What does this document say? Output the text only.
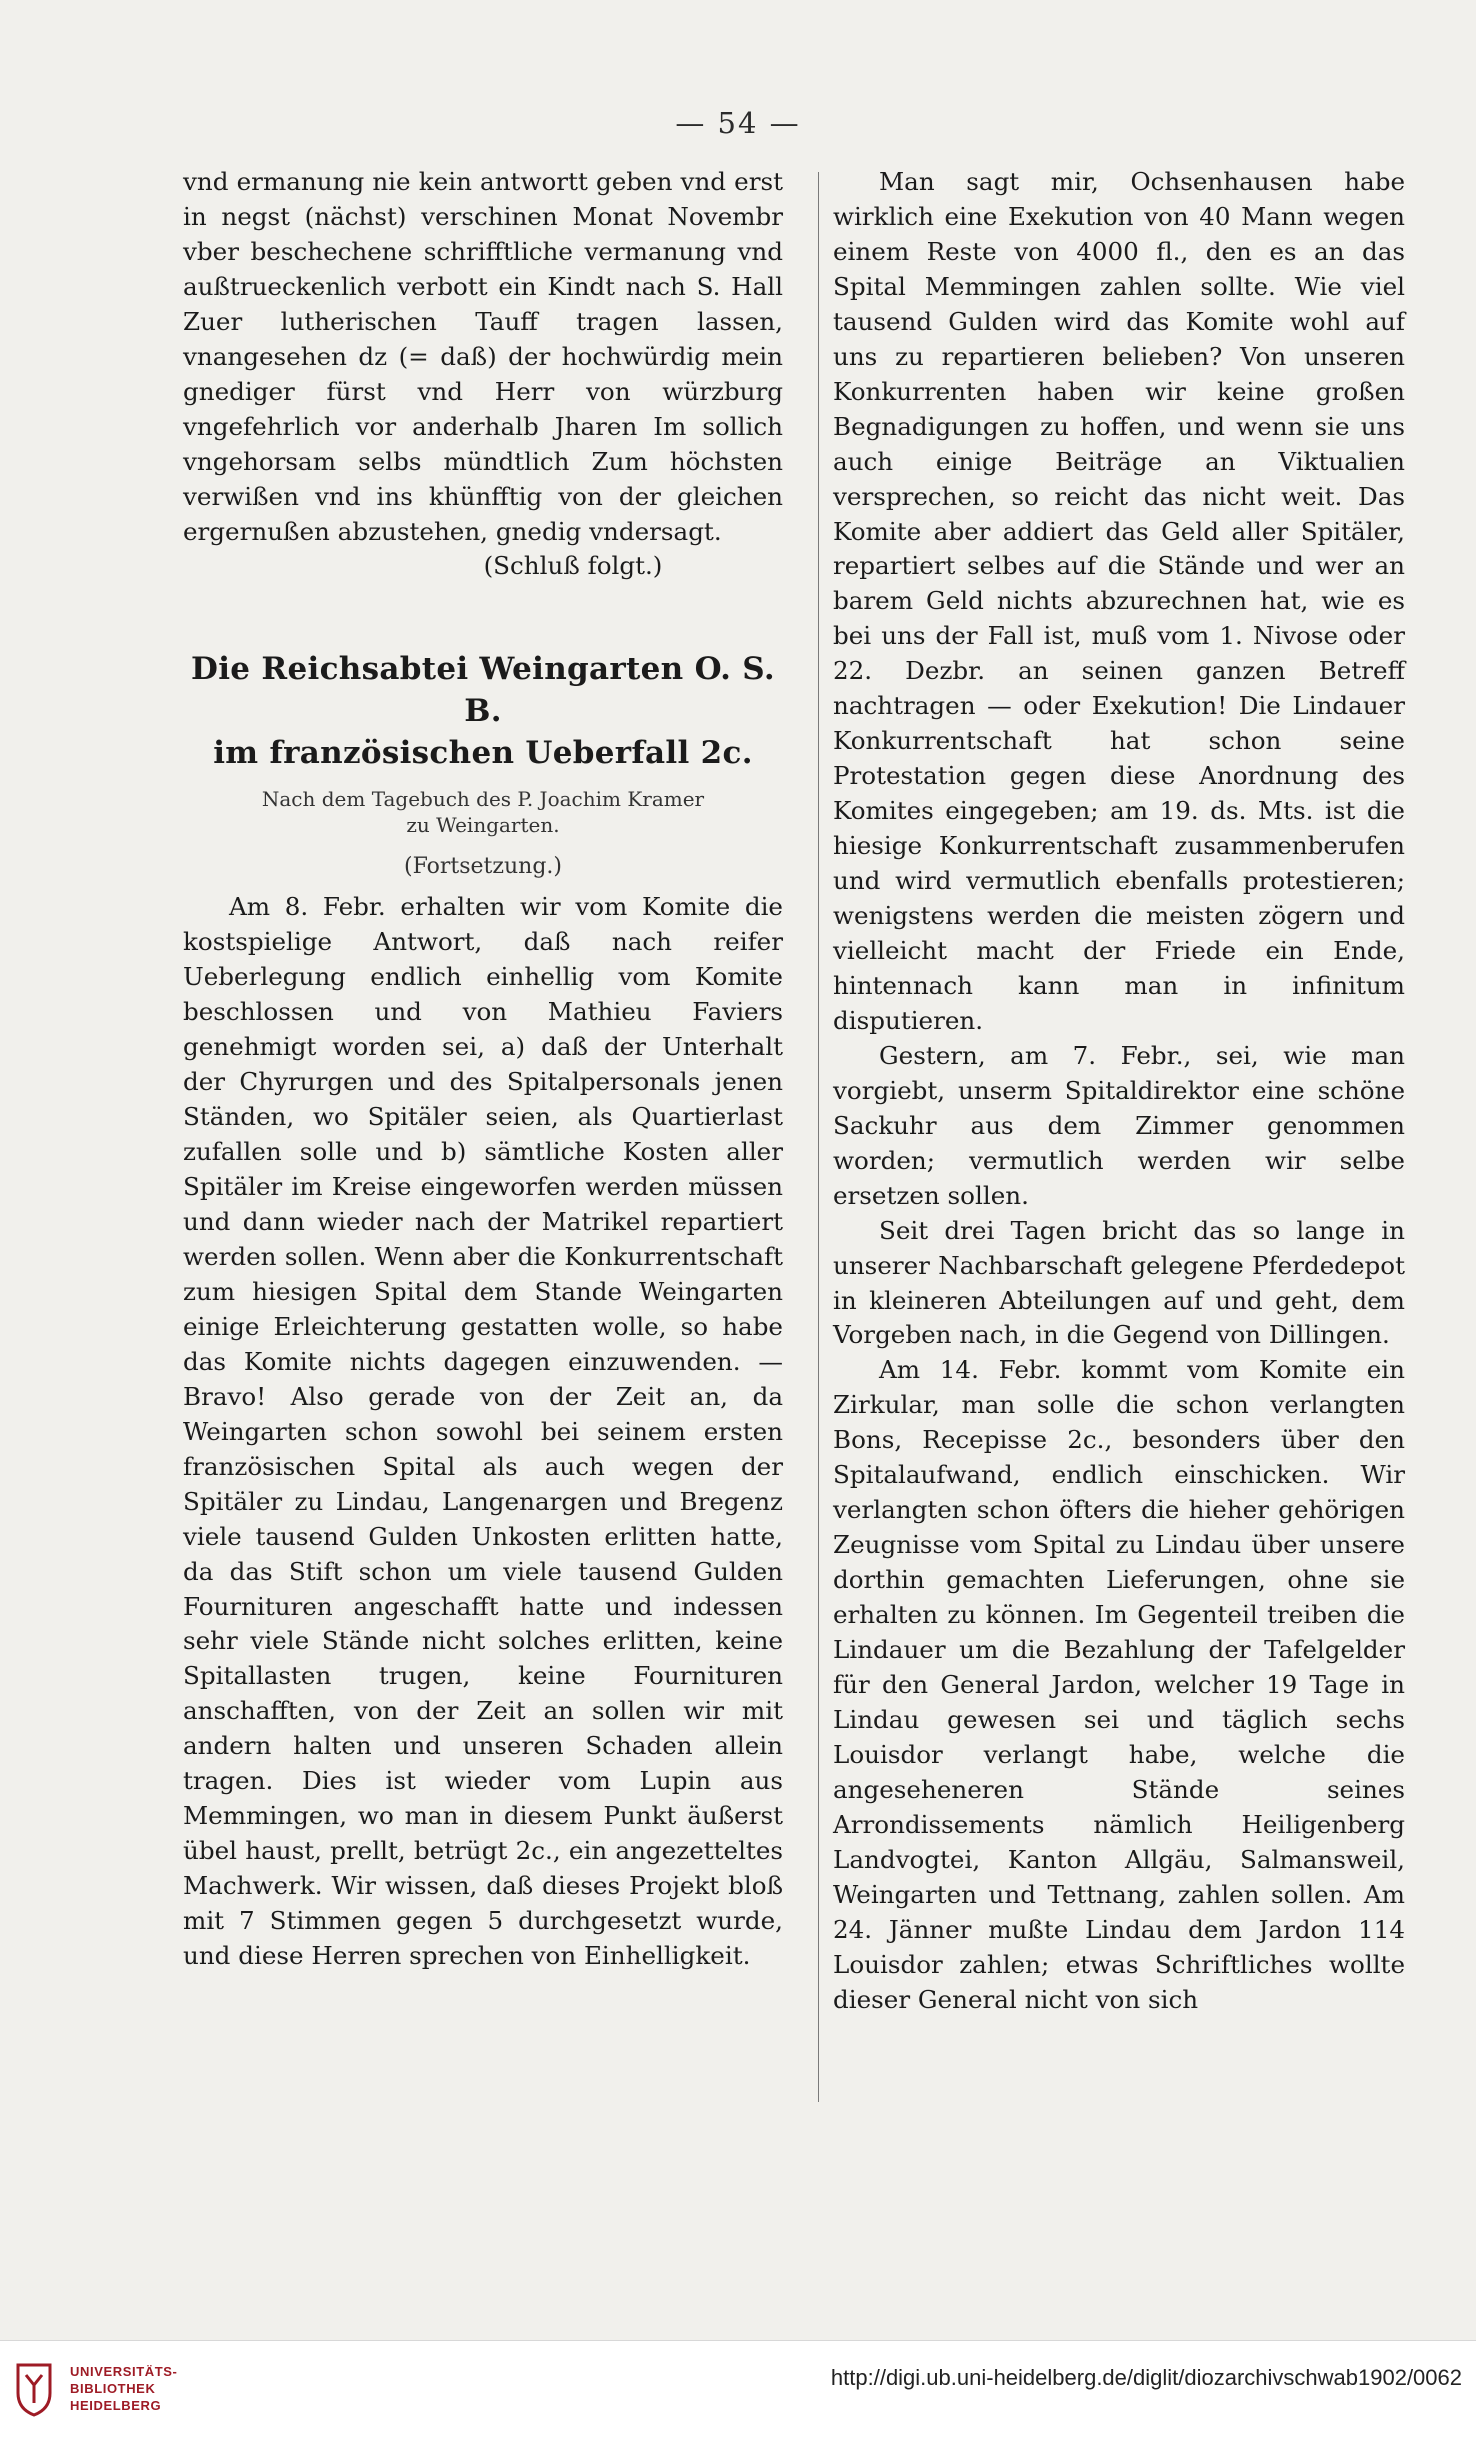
— 54 —

vnd ermanung nie kein antwortt geben vnd erst in negst (nächst) verschinen Monat Novembr vber beschechene schrifftliche vermanung vnd außtrueckenlich verbott ein Kindt nach S. Hall Zuer lutherischen Tauff tragen lassen, vnangesehen dz (= daß) der hochwürdig mein gnediger fürst vnd Herr von würzburg vngefehrlich vor anderhalb Jharen Im sollich vngehorsam selbs mündtlich Zum höchsten verwißen vnd ins khünfftig von der gleichen ergernußen abzustehen, gnedig vndersagt.

(Schluß folgt.)

Die Reichsabtei Weingarten O. S. B.
im französischen Ueberfall 2c.
Nach dem Tagebuch des P. Joachim Kramer
zu Weingarten.
(Fortsetzung.)

Am 8. Febr. erhalten wir vom Komite die kostspielige Antwort, daß nach reifer Ueberlegung endlich einhellig vom Komite beschlossen und von Mathieu Faviers genehmigt worden sei, a) daß der Unterhalt der Chyrurgen und des Spitalpersonals jenen Ständen, wo Spitäler seien, als Quartierlast zufallen solle und b) sämtliche Kosten aller Spitäler im Kreise eingeworfen werden müssen und dann wieder nach der Matrikel repartiert werden sollen. Wenn aber die Konkurrentschaft zum hiesigen Spital dem Stande Weingarten einige Erleichterung gestatten wolle, so habe das Komite nichts dagegen einzuwenden. — Bravo! Also gerade von der Zeit an, da Weingarten schon sowohl bei seinem ersten französischen Spital als auch wegen der Spitäler zu Lindau, Langenargen und Bregenz viele tausend Gulden Unkosten erlitten hatte, da das Stift schon um viele tausend Gulden Fournituren angeschafft hatte und indessen sehr viele Stände nicht solches erlitten, keine Spitallasten trugen, keine Fournituren anschafften, von der Zeit an sollen wir mit andern halten und unseren Schaden allein tragen. Dies ist wieder vom Lupin aus Memmingen, wo man in diesem Punkt äußerst übel haust, prellt, betrügt 2c., ein angezetteltes Machwerk. Wir wissen, daß dieses Projekt bloß mit 7 Stimmen gegen 5 durchgesetzt wurde, und diese Herren sprechen von Einhelligkeit.

Man sagt mir, Ochsenhausen habe wirklich eine Exekution von 40 Mann wegen einem Reste von 4000 fl., den es an das Spital Memmingen zahlen sollte. Wie viel tausend Gulden wird das Komite wohl auf uns zu repartieren belieben? Von unseren Konkurrenten haben wir keine großen Begnadigungen zu hoffen, und wenn sie uns auch einige Beiträge an Viktualien versprechen, so reicht das nicht weit. Das Komite aber addiert das Geld aller Spitäler, repartiert selbes auf die Stände und wer an barem Geld nichts abzurechnen hat, wie es bei uns der Fall ist, muß vom 1. Nivose oder 22. Dezbr. an seinen ganzen Betreff nachtragen — oder Exekution! Die Lindauer Konkurrentschaft hat schon seine Protestation gegen diese Anordnung des Komites eingegeben; am 19. ds. Mts. ist die hiesige Konkurrentschaft zusammenberufen und wird vermutlich ebenfalls protestieren; wenigstens werden die meisten zögern und vielleicht macht der Friede ein Ende, hintennach kann man in infinitum disputieren.

Gestern, am 7. Febr., sei, wie man vorgiebt, unserm Spitaldirektor eine schöne Sackuhr aus dem Zimmer genommen worden; vermutlich werden wir selbe ersetzen sollen.

Seit drei Tagen bricht das so lange in unserer Nachbarschaft gelegene Pferdedepot in kleineren Abteilungen auf und geht, dem Vorgeben nach, in die Gegend von Dillingen.

Am 14. Febr. kommt vom Komite ein Zirkular, man solle die schon verlangten Bons, Recepisse 2c., besonders über den Spitalaufwand, endlich einschicken. Wir verlangten schon öfters die hieher gehörigen Zeugnisse vom Spital zu Lindau über unsere dorthin gemachten Lieferungen, ohne sie erhalten zu können. Im Gegenteil treiben die Lindauer um die Bezahlung der Tafelgelder für den General Jardon, welcher 19 Tage in Lindau gewesen sei und täglich sechs Louisdor verlangt habe, welche die angeseheneren Stände seines Arrondissements nämlich Heiligenberg Landvogtei, Kanton Allgäu, Salmansweil, Weingarten und Tettnang, zahlen sollen. Am 24. Jänner mußte Lindau dem Jardon 114 Louisdor zahlen; etwas Schriftliches wollte dieser General nicht von sich

UNIVERSITÄTS-
BIBLIOTHEK
HEIDELBERG
http://digi.ub.uni-heidelberg.de/diglit/diozarchivschwab1902/0062
